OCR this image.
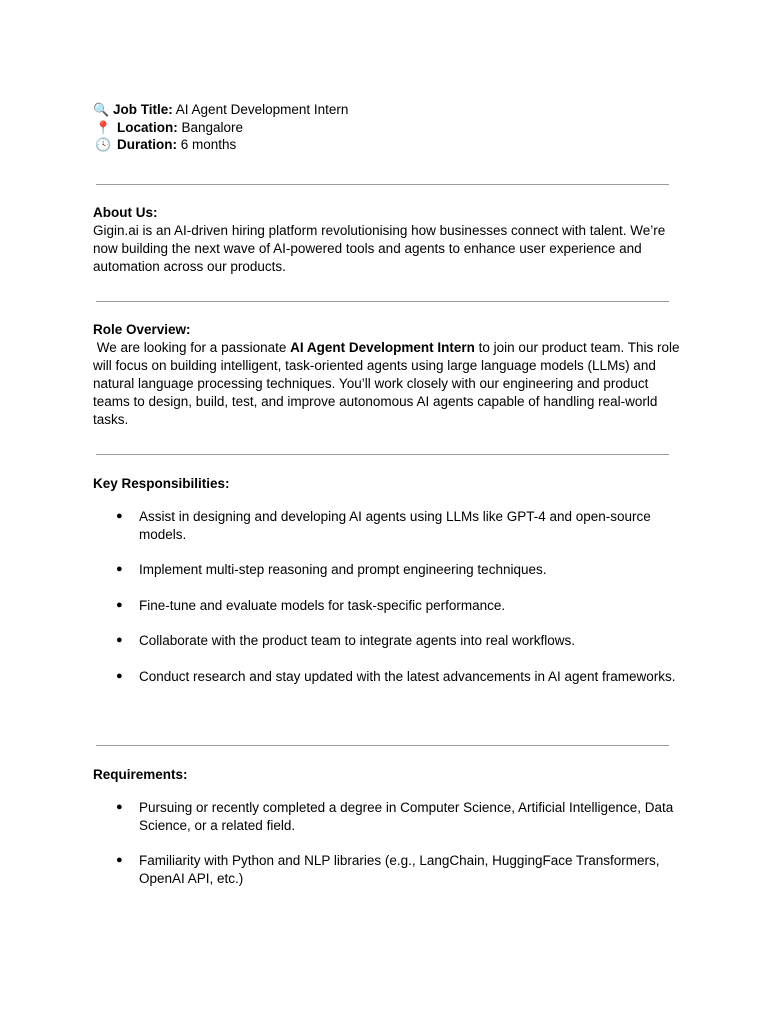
🔍 Job Title: AI Agent Development Intern
📍 Location: Bangalore
🕓 Duration: 6 months

About Us:

Gigin.ai is an AI-driven hiring platform revolutionising how businesses connect with talent. We’re now building the next wave of AI-powered tools and agents to enhance user experience and automation across our products.

Role Overview:

We are looking for a passionate AI Agent Development Intern to join our product team. This role will focus on building intelligent, task-oriented agents using large language models (LLMs) and natural language processing techniques. You’ll work closely with our engineering and product teams to design, build, test, and improve autonomous AI agents capable of handling real-world tasks.

Key Responsibilities:

● Assist in designing and developing AI agents using LLMs like GPT-4 and open-source models.
● Implement multi-step reasoning and prompt engineering techniques.
● Fine-tune and evaluate models for task-specific performance.
● Collaborate with the product team to integrate agents into real workflows.
● Conduct research and stay updated with the latest advancements in AI agent frameworks.

Requirements:

● Pursuing or recently completed a degree in Computer Science, Artificial Intelligence, Data Science, or a related field.
● Familiarity with Python and NLP libraries (e.g., LangChain, HuggingFace Transformers, OpenAI API, etc.)
